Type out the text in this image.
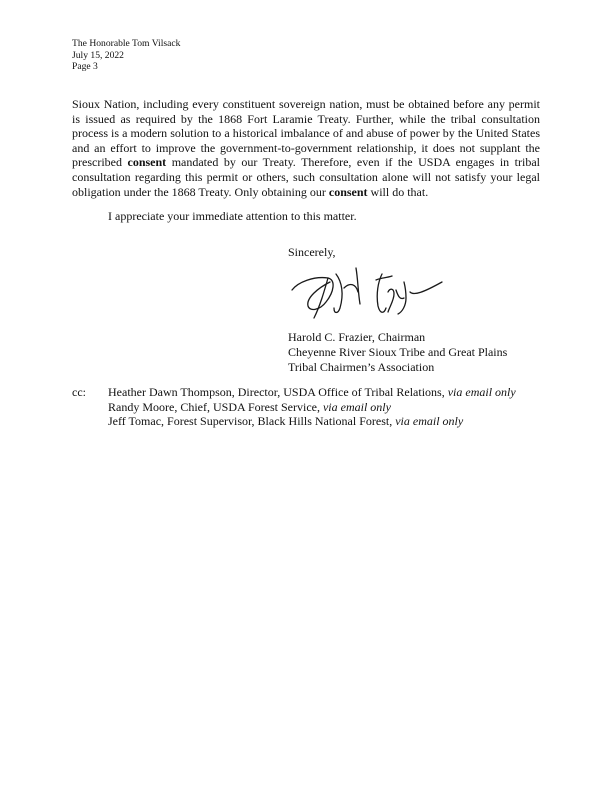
The Honorable Tom Vilsack
July 15, 2022
Page 3
Sioux Nation, including every constituent sovereign nation, must be obtained before any permit
is issued as required by the 1868 Fort Laramie Treaty. Further, while the tribal consultation
process is a modern solution to a historical imbalance of and abuse of power by the United States
and an effort to improve the government-to-government relationship, it does not supplant the
prescribed consent mandated by our Treaty. Therefore, even if the USDA engages in tribal
consultation regarding this permit or others, such consultation alone will not satisfy your legal
obligation under the 1868 Treaty. Only obtaining our consent will do that.
I appreciate your immediate attention to this matter.
Sincerely,
Harold C. Frazier, Chairman
Cheyenne River Sioux Tribe and Great Plains
Tribal Chairmen’s Association
cc: Heather Dawn Thompson, Director, USDA Office of Tribal Relations, via email only
Randy Moore, Chief, USDA Forest Service, via email only
Jeff Tomac, Forest Supervisor, Black Hills National Forest, via email only
